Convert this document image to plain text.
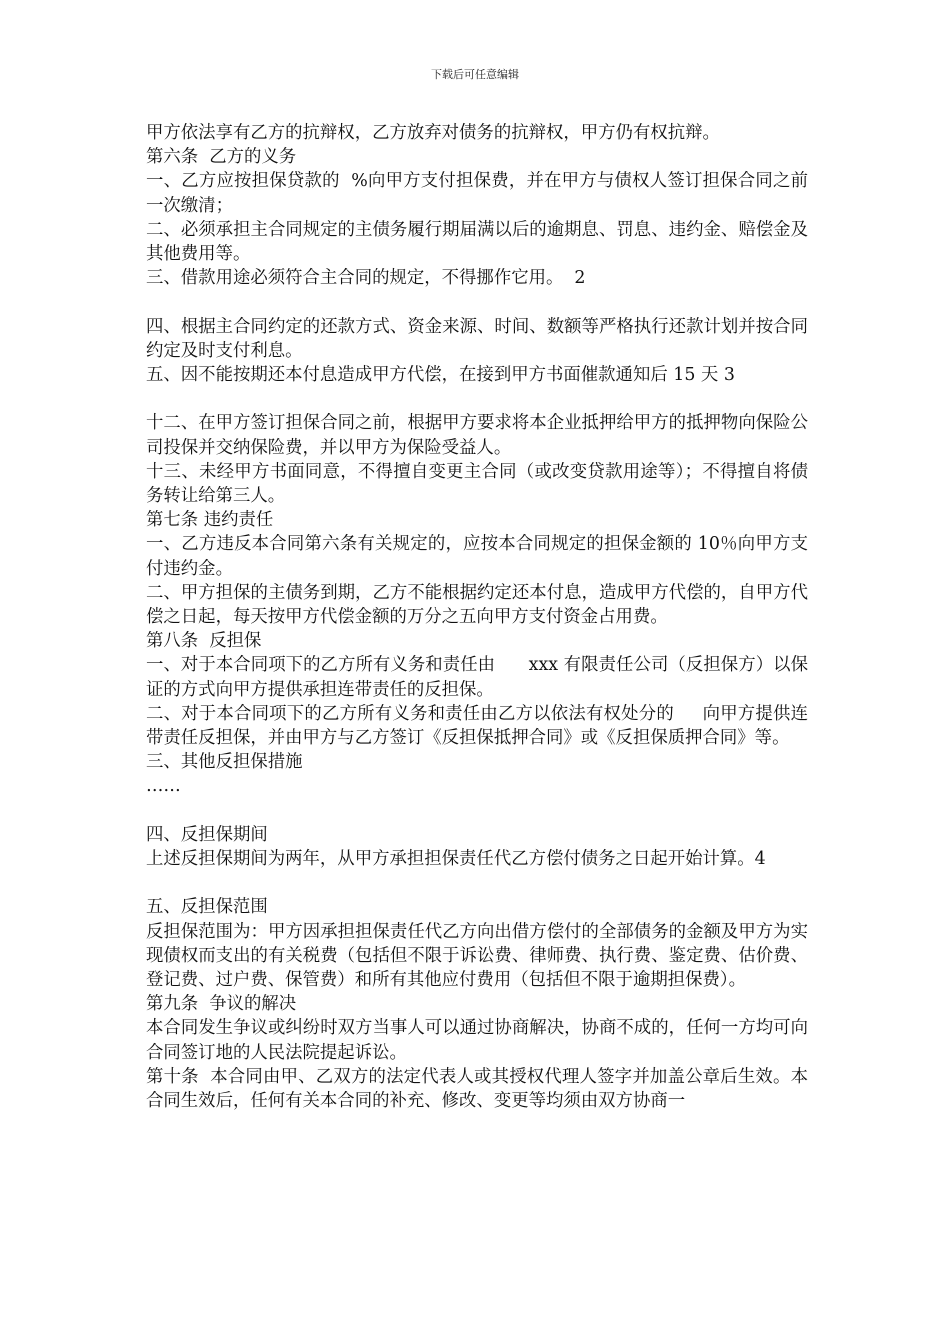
下载后可任意编辑

甲方依法享有乙方的抗辩权，乙方放弃对债务的抗辩权，甲方仍有权抗辩。

第六条  乙方的义务

一、乙方应按担保贷款的  %向甲方支付担保费，并在甲方与债权人签订担保合同之前一次缴清；

二、必须承担主合同规定的主债务履行期届满以后的逾期息、罚息、违约金、赔偿金及其他费用等。

三、借款用途必须符合主合同的规定，不得挪作它用。  2

四、根据主合同约定的还款方式、资金来源、时间、数额等严格执行还款计划并按合同约定及时支付利息。

五、因不能按期还本付息造成甲方代偿，在接到甲方书面催款通知后 15 天 3

十二、在甲方签订担保合同之前，根据甲方要求将本企业抵押给甲方的抵押物向保险公司投保并交纳保险费，并以甲方为保险受益人。

十三、未经甲方书面同意，不得擅自变更主合同（或改变贷款用途等）；不得擅自将债务转让给第三人。

第七条 违约责任

一、乙方违反本合同第六条有关规定的，应按本合同规定的担保金额的 10％向甲方支付违约金。

二、甲方担保的主债务到期，乙方不能根据约定还本付息，造成甲方代偿的，自甲方代偿之日起，每天按甲方代偿金额的万分之五向甲方支付资金占用费。

第八条  反担保

一、对于本合同项下的乙方所有义务和责任由      xxx 有限责任公司（反担保方）以保证的方式向甲方提供承担连带责任的反担保。

二、对于本合同项下的乙方所有义务和责任由乙方以依法有权处分的     向甲方提供连带责任反担保，并由甲方与乙方签订《反担保抵押合同》或《反担保质押合同》等。

三、其他反担保措施

……

四、反担保期间

上述反担保期间为两年，从甲方承担担保责任代乙方偿付债务之日起开始计算。4

五、反担保范围

反担保范围为：甲方因承担担保责任代乙方向出借方偿付的全部债务的金额及甲方为实现债权而支出的有关税费（包括但不限于诉讼费、律师费、执行费、鉴定费、估价费、登记费、过户费、保管费）和所有其他应付费用（包括但不限于逾期担保费）。

第九条  争议的解决

本合同发生争议或纠纷时双方当事人可以通过协商解决，协商不成的，任何一方均可向合同签订地的人民法院提起诉讼。

第十条  本合同由甲、乙双方的法定代表人或其授权代理人签字并加盖公章后生效。本合同生效后，任何有关本合同的补充、修改、变更等均须由双方协商一
